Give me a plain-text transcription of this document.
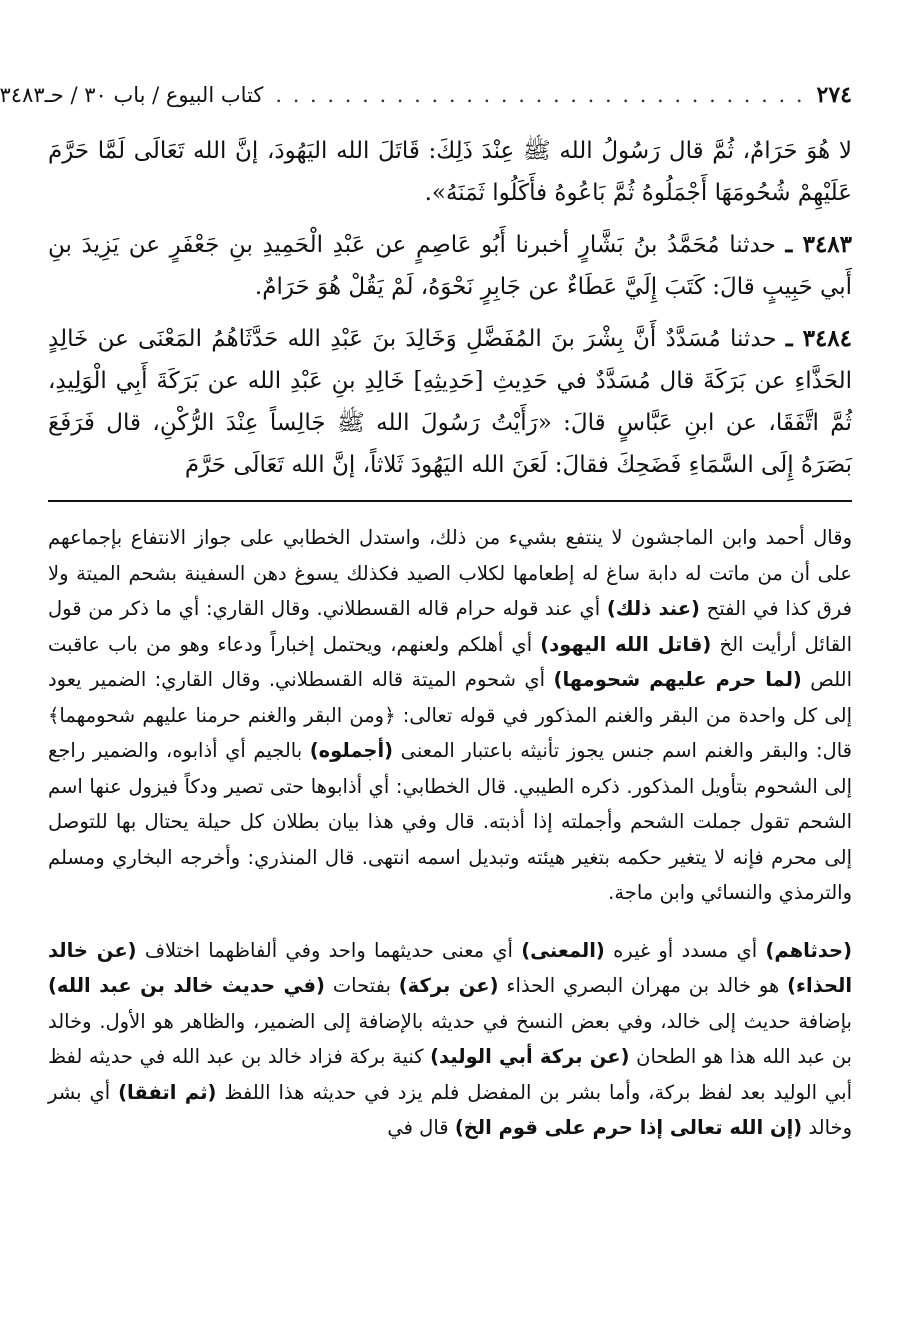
٢٧٤
. . . . . . . . . . . . . . . . . . . . . . . . . . . . . . .
كتاب البيوع / باب ٣٠ / حـ٣٤٨٣

لا هُوَ حَرَامٌ، ثُمَّ قال رَسُولُ الله ﷺ عِنْدَ ذَلِكَ: قَاتَلَ الله اليَهُودَ، إنَّ الله تَعَالَى لَمَّا حَرَّمَ عَلَيْهِمْ شُحُومَهَا أَجْمَلُوهُ ثُمَّ بَاعُوهُ فأَكَلُوا ثَمَنَهُ».

٣٤٨٣ ـ حدثنا مُحَمَّدُ بنُ بَشَّارٍ أخبرنا أَبُو عَاصِمٍ عن عَبْدِ الْحَمِيدِ بنِ جَعْفَرٍ عن يَزِيدَ بنِ أَبي حَبِيبٍ قالَ: كَتَبَ إِلَيَّ عَطَاءٌ عن جَابِرٍ نَحْوَهُ، لَمْ يَقُلْ هُوَ حَرَامٌ.

٣٤٨٤ ـ حدثنا مُسَدَّدٌ أَنَّ بِشْرَ بنَ المُفَضَّلِ وَخَالِدَ بنَ عَبْدِ الله حَدَّثَاهُمُ المَعْنَى عن خَالِدٍ الحَذَّاءِ عن بَرَكَةَ قال مُسَدَّدٌ في حَدِيثِ [حَدِيثِهِ] خَالِدِ بنِ عَبْدِ الله عن بَرَكَةَ أَبِي الْوَلِيدِ، ثُمَّ اتَّفَقَا، عن ابنِ عَبَّاسٍ قالَ: «رَأَيْتُ رَسُولَ الله ﷺ جَالِساً عِنْدَ الرُّكْنِ، قال فَرَفَعَ بَصَرَهُ إِلَى السَّمَاءِ فَضَحِكَ فقالَ: لَعَنَ الله اليَهُودَ ثَلاثاً، إنَّ الله تَعَالَى حَرَّمَ

وقال أحمد وابن الماجشون لا ينتفع بشيء من ذلك، واستدل الخطابي على جواز الانتفاع بإجماعهم على أن من ماتت له دابة ساغ له إطعامها لكلاب الصيد فكذلك يسوغ دهن السفينة بشحم الميتة ولا فرق كذا في الفتح (عند ذلك) أي عند قوله حرام قاله القسطلاني. وقال القاري: أي ما ذكر من قول القائل أرأيت الخ (قاتل الله اليهود) أي أهلكم ولعنهم، ويحتمل إخباراً ودعاء وهو من باب عاقبت اللص (لما حرم عليهم شحومها) أي شحوم الميتة قاله القسطلاني. وقال القاري: الضمير يعود إلى كل واحدة من البقر والغنم المذكور في قوله تعالى: ﴿ومن البقر والغنم حرمنا عليهم شحومهما﴾ قال: والبقر والغنم اسم جنس يجوز تأنيثه باعتبار المعنى (أجملوه) بالجيم أي أذابوه، والضمير راجع إلى الشحوم بتأويل المذكور. ذكره الطيبي. قال الخطابي: أي أذابوها حتى تصير ودكاً فيزول عنها اسم الشحم تقول جملت الشحم وأجملته إذا أذبته. قال وفي هذا بيان بطلان كل حيلة يحتال بها للتوصل إلى محرم فإنه لا يتغير حكمه بتغير هيئته وتبديل اسمه انتهى. قال المنذري: وأخرجه البخاري ومسلم والترمذي والنسائي وابن ماجة.

(حدثاهم) أي مسدد أو غيره (المعنى) أي معنى حديثهما واحد وفي ألفاظهما اختلاف (عن خالد الحذاء) هو خالد بن مهران البصري الحذاء (عن بركة) بفتحات (في حديث خالد بن عبد الله) بإضافة حديث إلى خالد، وفي بعض النسخ في حديثه بالإضافة إلى الضمير، والظاهر هو الأول. وخالد بن عبد الله هذا هو الطحان (عن بركة أبي الوليد) كنية بركة فزاد خالد بن عبد الله في حديثه لفظ أبي الوليد بعد لفظ بركة، وأما بشر بن المفضل فلم يزد في حديثه هذا اللفظ (ثم اتفقا) أي بشر وخالد (إن الله تعالى إذا حرم على قوم الخ) قال في
